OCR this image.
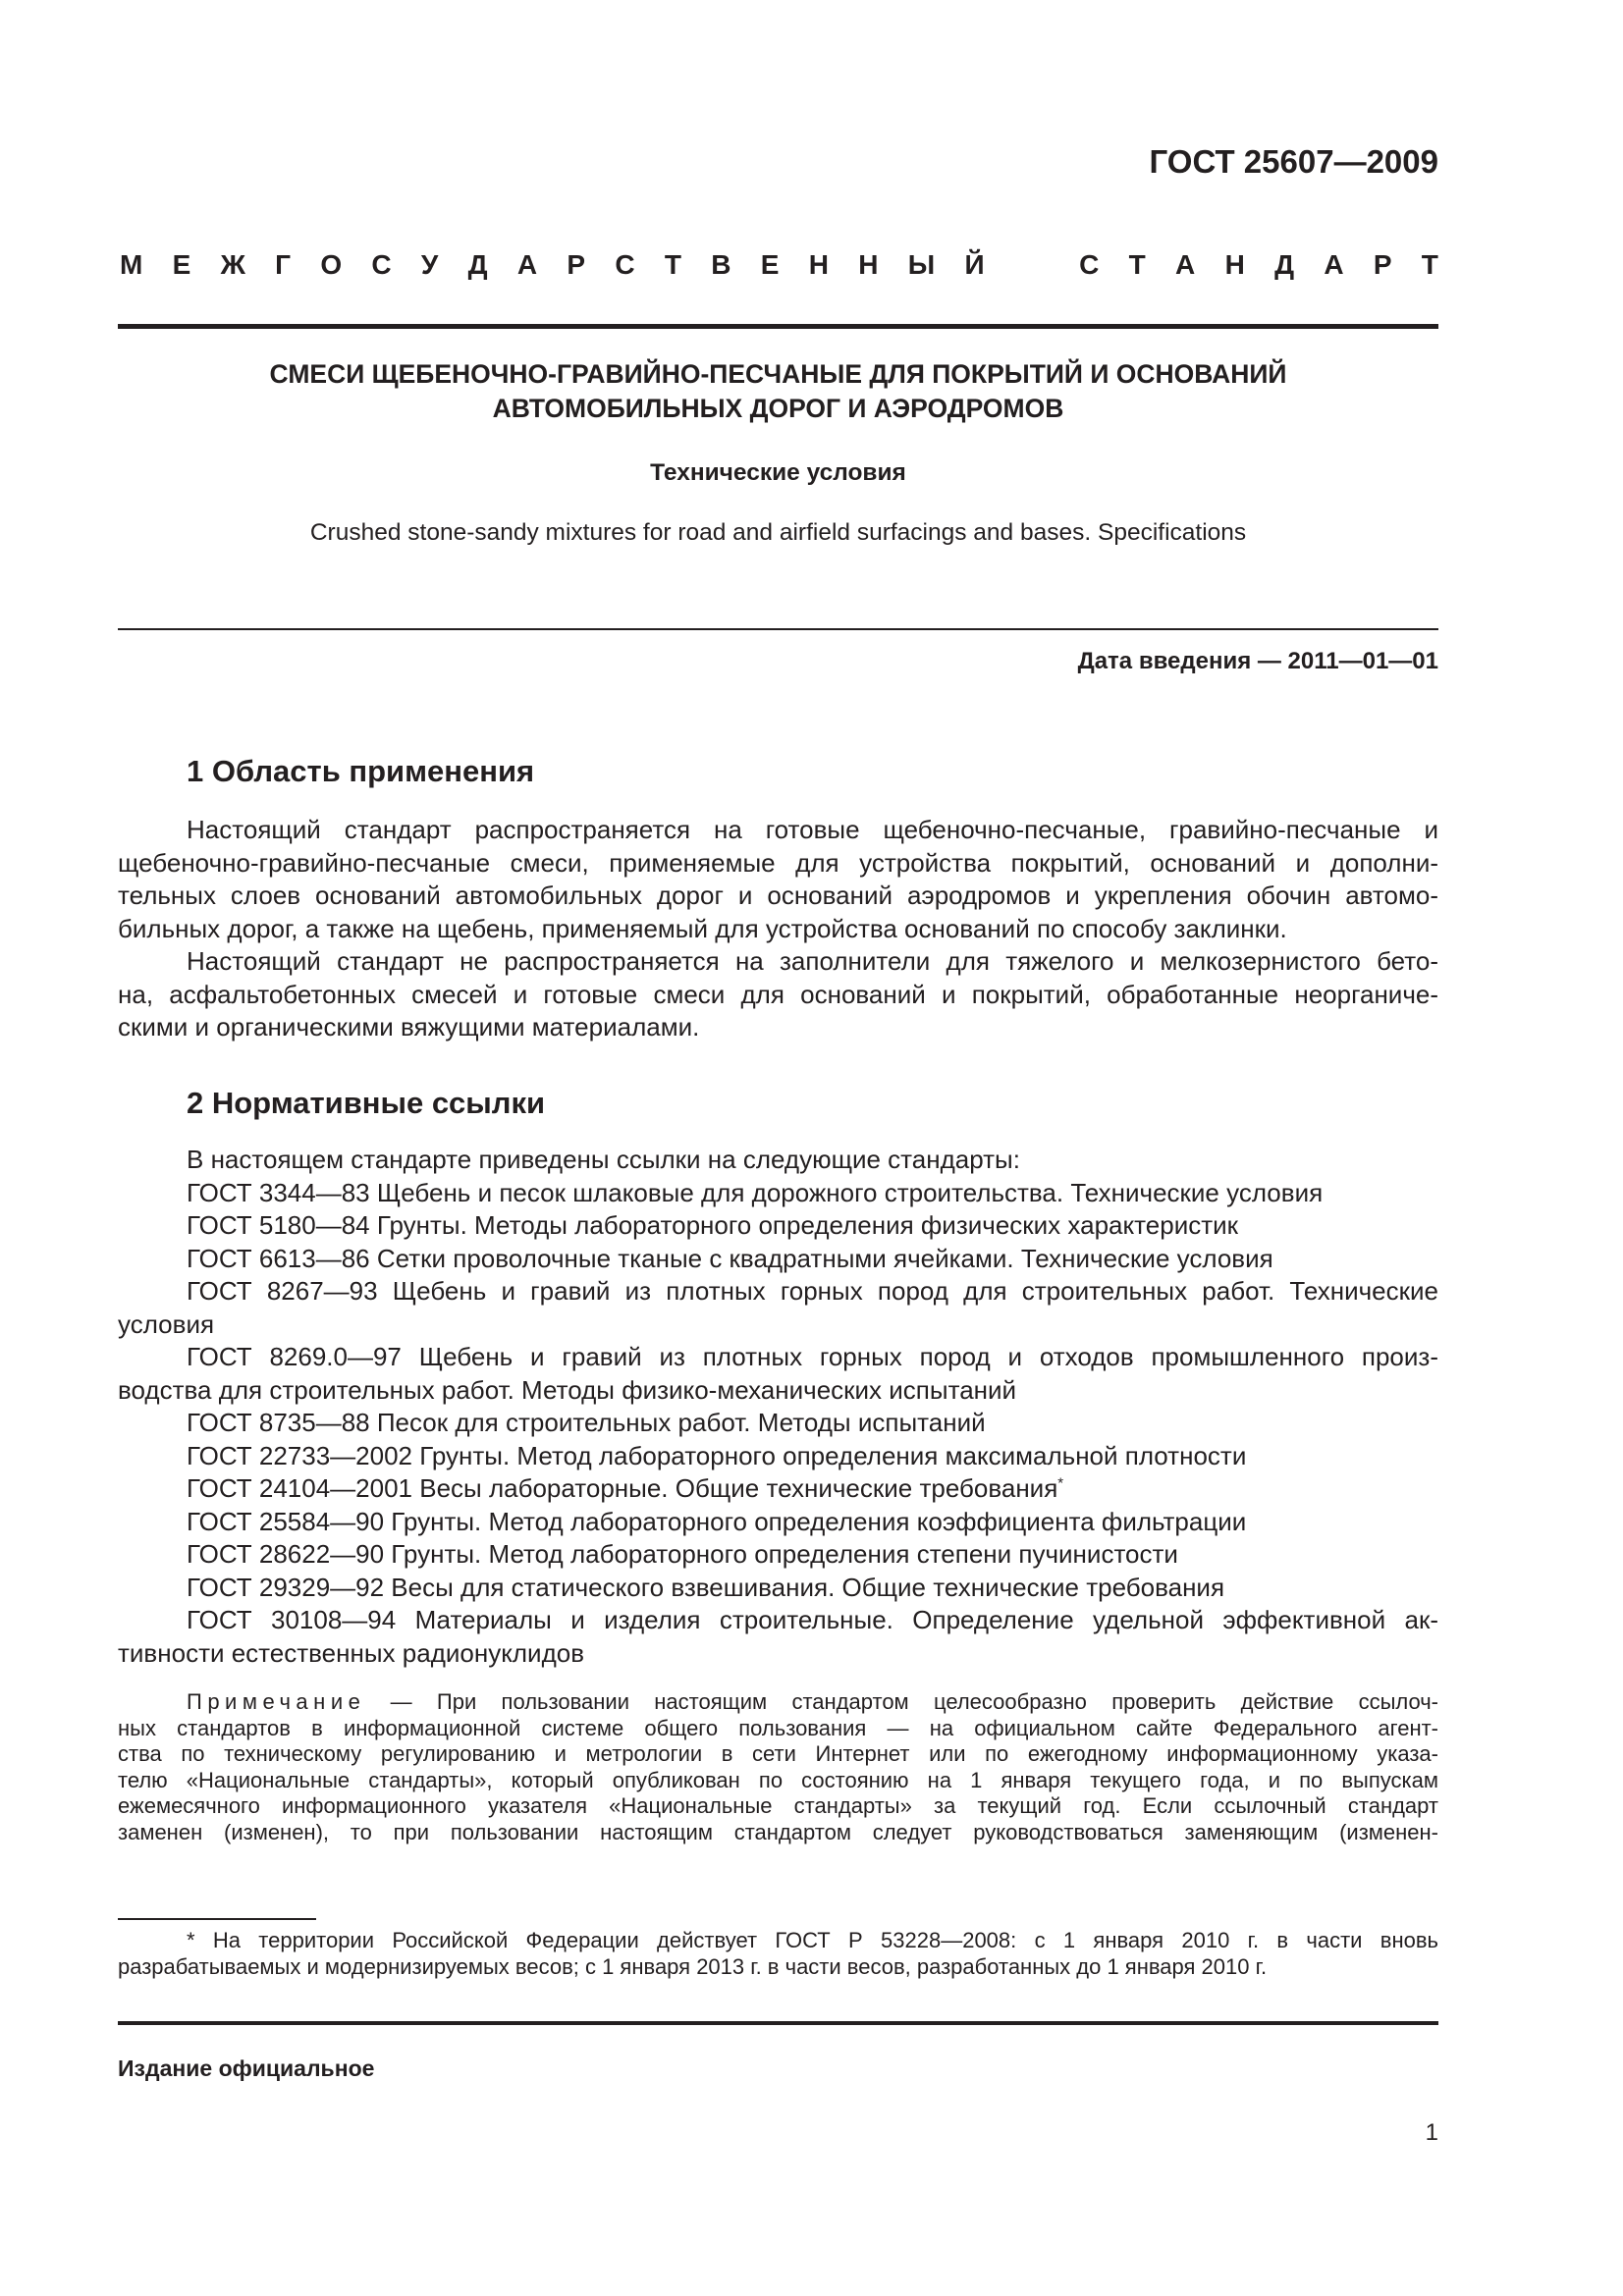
ГОСТ 25607—2009
М Е Ж Г О С У Д А Р С Т В Е Н Н Ы Й	С Т А Н Д А Р Т
СМЕСИ ЩЕБЕНОЧНО-ГРАВИЙНО-ПЕСЧАНЫЕ ДЛЯ ПОКРЫТИЙ И ОСНОВАНИЙ
АВТОМОБИЛЬНЫХ ДОРОГ И АЭРОДРОМОВ
Технические условия
Crushed stone-sandy mixtures for road and airfield surfacings and bases. Specifications
Дата введения — 2011—01—01
1 Область применения
Настоящий стандарт распространяется на готовые щебеночно-песчаные, гравийно-песчаные и
щебеночно-гравийно-песчаные смеси, применяемые для устройства покрытий, оснований и дополни-
тельных слоев оснований автомобильных дорог и оснований аэродромов и укрепления обочин автомо-
бильных дорог, а также на щебень, применяемый для устройства оснований по способу заклинки.
Настоящий стандарт не распространяется на заполнители для тяжелого и мелкозернистого бето-
на, асфальтобетонных смесей и готовые смеси для оснований и покрытий, обработанные неорганиче-
скими и органическими вяжущими материалами.
2 Нормативные ссылки
В настоящем стандарте приведены ссылки на следующие стандарты:
ГОСТ 3344—83 Щебень и песок шлаковые для дорожного строительства. Технические условия
ГОСТ 5180—84 Грунты. Методы лабораторного определения физических характеристик
ГОСТ 6613—86 Сетки проволочные тканые с квадратными ячейками. Технические условия
ГОСТ 8267—93 Щебень и гравий из плотных горных пород для строительных работ. Технические
условия
ГОСТ 8269.0—97 Щебень и гравий из плотных горных пород и отходов промышленного произ-
водства для строительных работ. Методы физико-механических испытаний
ГОСТ 8735—88 Песок для строительных работ. Методы испытаний
ГОСТ 22733—2002 Грунты. Метод лабораторного определения максимальной плотности
ГОСТ 24104—2001 Весы лабораторные. Общие технические требования*
ГОСТ 25584—90 Грунты. Метод лабораторного определения коэффициента фильтрации
ГОСТ 28622—90 Грунты. Метод лабораторного определения степени пучинистости
ГОСТ 29329—92 Весы для статического взвешивания. Общие технические требования
ГОСТ 30108—94 Материалы и изделия строительные. Определение удельной эффективной ак-
тивности естественных радионуклидов
Примечание — При пользовании настоящим стандартом целесообразно проверить действие ссылоч-
ных стандартов в информационной системе общего пользования — на официальном сайте Федерального агент-
ства по техническому регулированию и метрологии в сети Интернет или по ежегодному информационному указа-
телю «Национальные стандарты», который опубликован по состоянию на 1 января текущего года, и по выпускам
ежемесячного информационного указателя «Национальные стандарты» за текущий год. Если ссылочный стандарт
заменен (изменен), то при пользовании настоящим стандартом следует руководствоваться заменяющим (изменен-
* На территории Российской Федерации действует ГОСТ Р 53228—2008: с 1 января 2010 г. в части вновь
разрабатываемых и модернизируемых весов; с 1 января 2013 г. в части весов, разработанных до 1 января 2010 г.
Издание официальное
1
